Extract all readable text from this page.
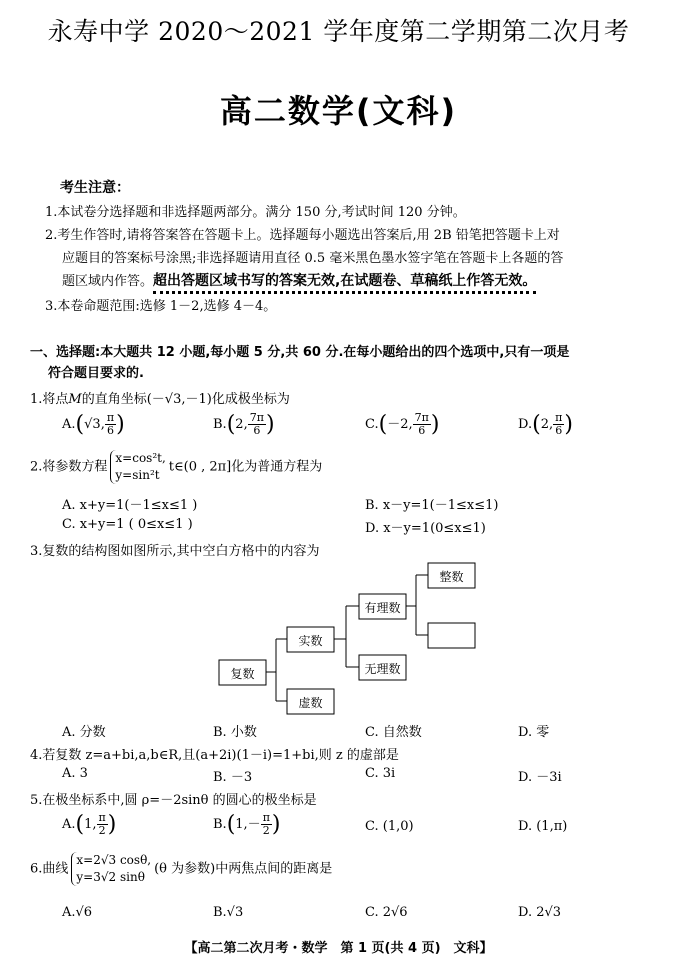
永寿中学 2020～2021 学年度第二学期第二次月考
高二数学(文科)
考生注意：
1.本试卷分选择题和非选择题两部分。满分 150 分,考试时间 120 分钟。
2.考生作答时,请将答案答在答题卡上。选择题每小题选出答案后,用 2B 铅笔把答题卡上对
应题目的答案标号涂黑;非选择题请用直径 0.5 毫米黑色墨水签字笔在答题卡上各题的答
题区域内作答。超出答题区域书写的答案无效,在试题卷、草稿纸上作答无效。
3.本卷命题范围:选修 1－2,选修 4－4。
一、选择题:本大题共 12 小题,每小题 5 分,共 60 分.在每小题给出的四个选项中,只有一项是
符合题目要求的.
1.将点M的直角坐标(－√3,－1)化成极坐标为
A.(√3, $\frac{\pi}{6}$ )	B.(2, $\frac{7\pi}{6}$ )	C.(－2, $\frac{7\pi}{6}$ )	D.(2, $\frac{\pi}{6}$ )
2.将参数方程
x=cos²t,
y=sin²t
t∈(0 , 2π]化为普通方程为
A. x+y=1(－1≤x≤1 )	B. x－y=1(－1≤x≤1)
C. x+y=1 ( 0≤x≤1 )	D. x－y=1(0≤x≤1)
3.复数的结构图如图所示,其中空白方格中的内容为
复数
实数
虚数
有理数
无理数
整数
A. 分数	B. 小数	C. 自然数	D. 零
4.若复数 z=a+bi,a,b∈R,且(a+2i)(1－i)=1+bi,则 z 的虚部是
A. 3	B. －3	C. 3i	D. －3i
5.在极坐标系中,圆 ρ=－2sinθ 的圆心的极坐标是
A.(1, $\frac{\pi}{2}$ )	$B.(1,- \frac{\pi}{2}$ )	C. (1,0)	D. (1,π)
6.曲线
x=2√3 cosθ,
y=3√2 sinθ
(θ 为参数)中两焦点间的距离是
A.√6	B.√3	C. 2√6	D. 2√3
【高二第二次月考・数学　第 1 页(共 4 页)　文科】
